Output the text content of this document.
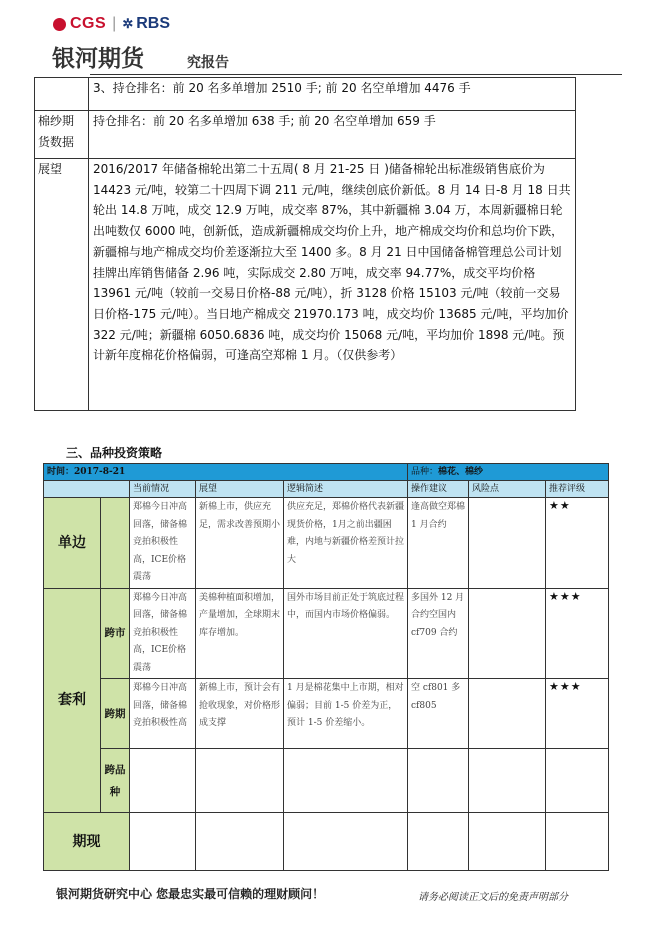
CGS | ✲ RBS
银河期货	究报告
	3、持仓排名：前 20 名多单增加 2510 手; 前 20 名空单增加 4476 手
棉纱期货数据	持仓排名：前 20 名多单增加 638 手; 前 20 名空单增加 659 手
展望	2016/2017 年储备棉轮出第二十五周( 8 月 21-25 日 )储备棉轮出标准级销售底价为 14423 元/吨，较第二十四周下调 211 元/吨，继续创底价新低。8 月 14 日-8 月 18 日共轮出 14.8 万吨，成交 12.9 万吨，成交率 87%，其中新疆棉 3.04 万，本周新疆棉日轮出吨数仅 6000 吨，创新低，造成新疆棉成交均价上升，地产棉成交均价和总均价下跌，新疆棉与地产棉成交均价差逐渐拉大至 1400 多。8 月 21 日中国储备棉管理总公司计划挂牌出库销售储备 2.96 吨，实际成交 2.80 万吨，成交率 94.77%，成交平均价格 13961 元/吨（较前一交易日价格-88 元/吨），折 3128 价格 15103 元/吨（较前一交易日价格-175 元/吨）。当日地产棉成交 21970.173 吨，成交均价 13685 元/吨，平均加价 322 元/吨；新疆棉 6050.6836 吨，成交均价 15068 元/吨，平均加价 1898 元/吨。预计新年度棉花价格偏弱，可逢高空郑棉 1 月。（仅供参考）
三、品种投资策略
时间：2017-8-21					品种：棉花、棉纱		
		当前情况	展望	逻辑简述	操作建议	风险点	推荐评级
单边		郑棉今日冲高回落，储备棉竞拍积极性高，ICE价格震荡	新棉上市，供应充足，需求改善预期小	供应充足，郑棉价格代表新疆现货价格，1月之前出疆困难，内地与新疆价格差预计拉大	逢高做空郑棉 1 月合约		★★
套利	跨市	郑棉今日冲高回落，储备棉竞拍积极性高，ICE价格震荡	美棉种植面积增加，产量增加，全球期末库存增加。	国外市场目前正处于筑底过程中，而国内市场价格偏弱。	多国外 12 月合约空国内 cf709 合约		★★★
	跨期	郑棉今日冲高回落，储备棉竞拍积极性高	新棉上市，预计会有抢收现象，对价格形成支撑	1 月是棉花集中上市期，相对偏弱；目前 1-5 价差为正，预计 1-5 价差缩小。	空 cf801 多 cf805		★★★
	跨品种						
期现							
银河期货研究中心 您最忠实最可信赖的理财顾问！	请务必阅读正文后的免责声明部分
